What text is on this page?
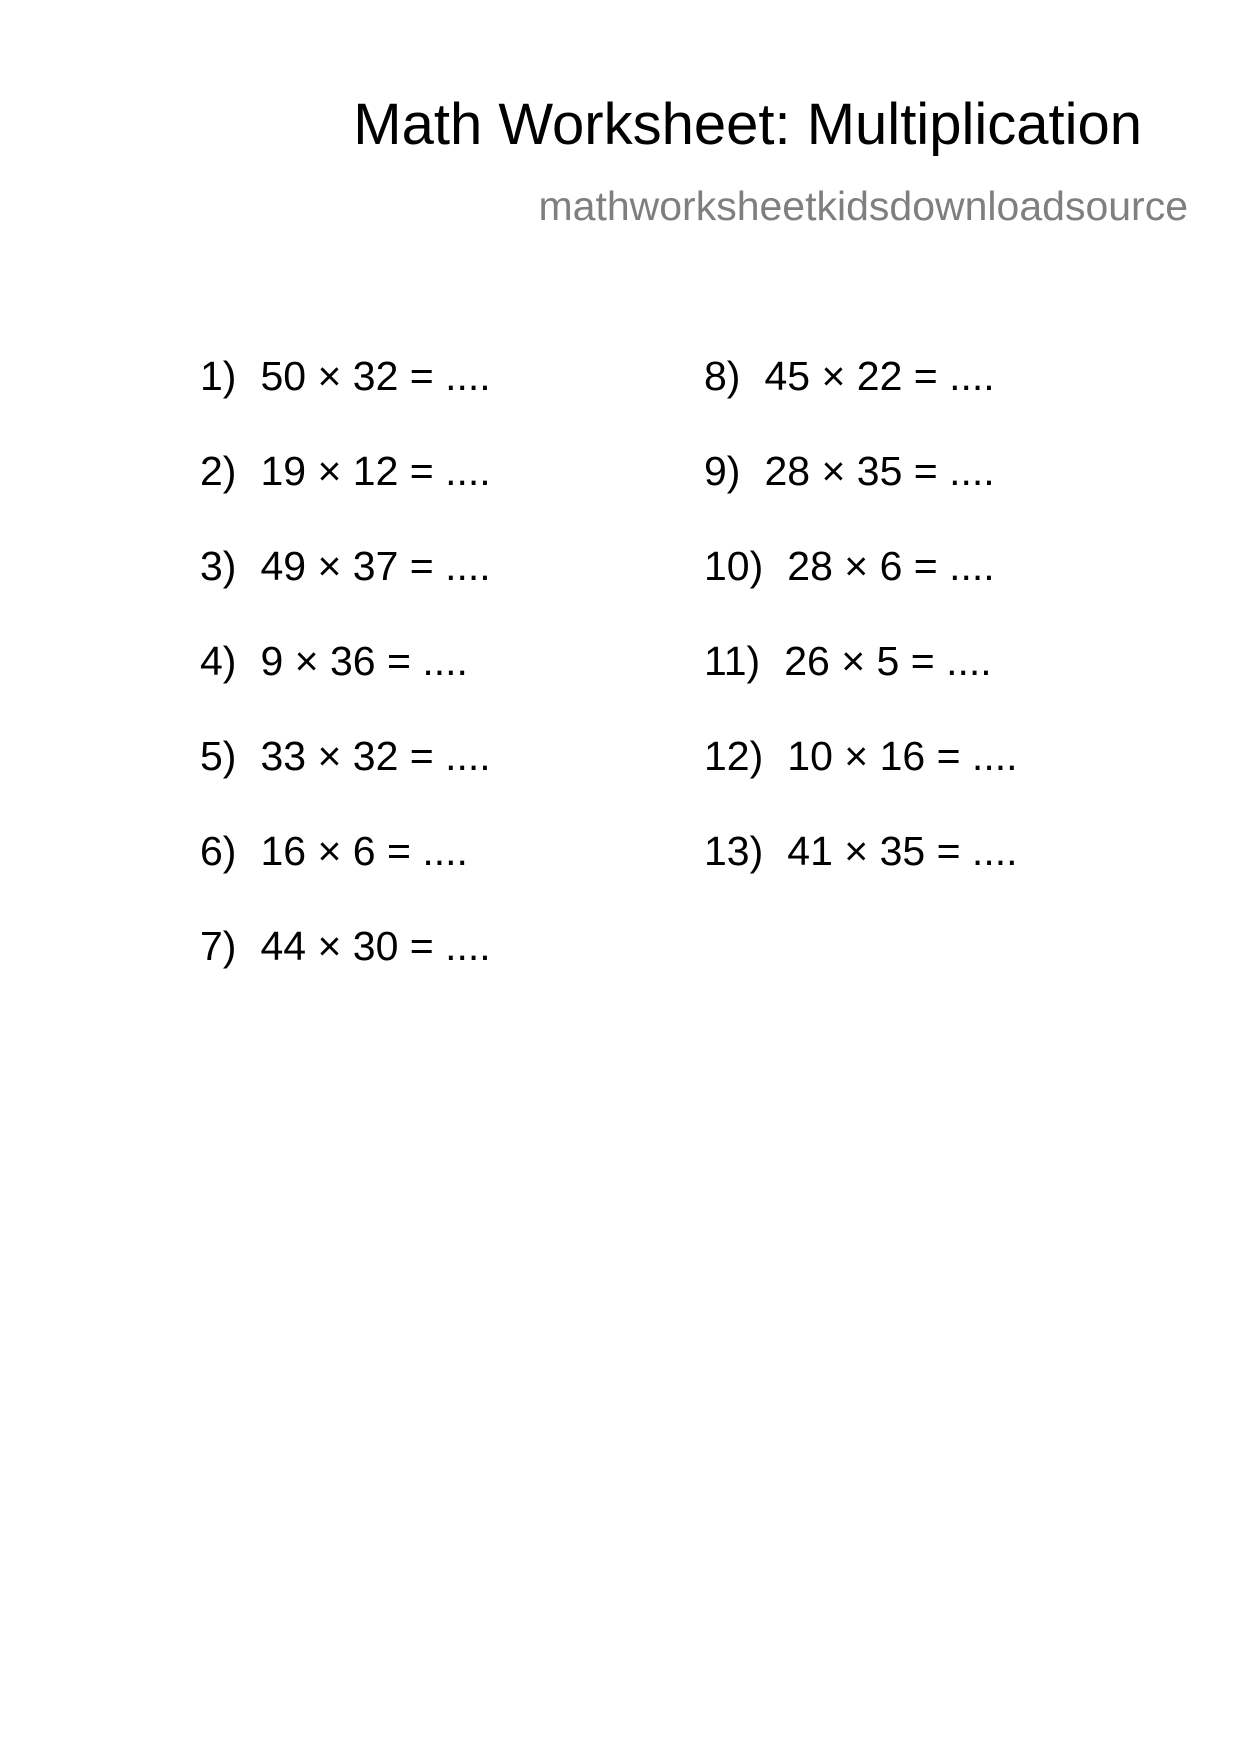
Math Worksheet: Multiplication
mathworksheetkidsdownloadsource
1) 50 × 32 = ....
2) 19 × 12 = ....
3) 49 × 37 = ....
4) 9 × 36 = ....
5) 33 × 32 = ....
6) 16 × 6 = ....
7) 44 × 30 = ....
8) 45 × 22 = ....
9) 28 × 35 = ....
10) 28 × 6 = ....
11) 26 × 5 = ....
12) 10 × 16 = ....
13) 41 × 35 = ....
